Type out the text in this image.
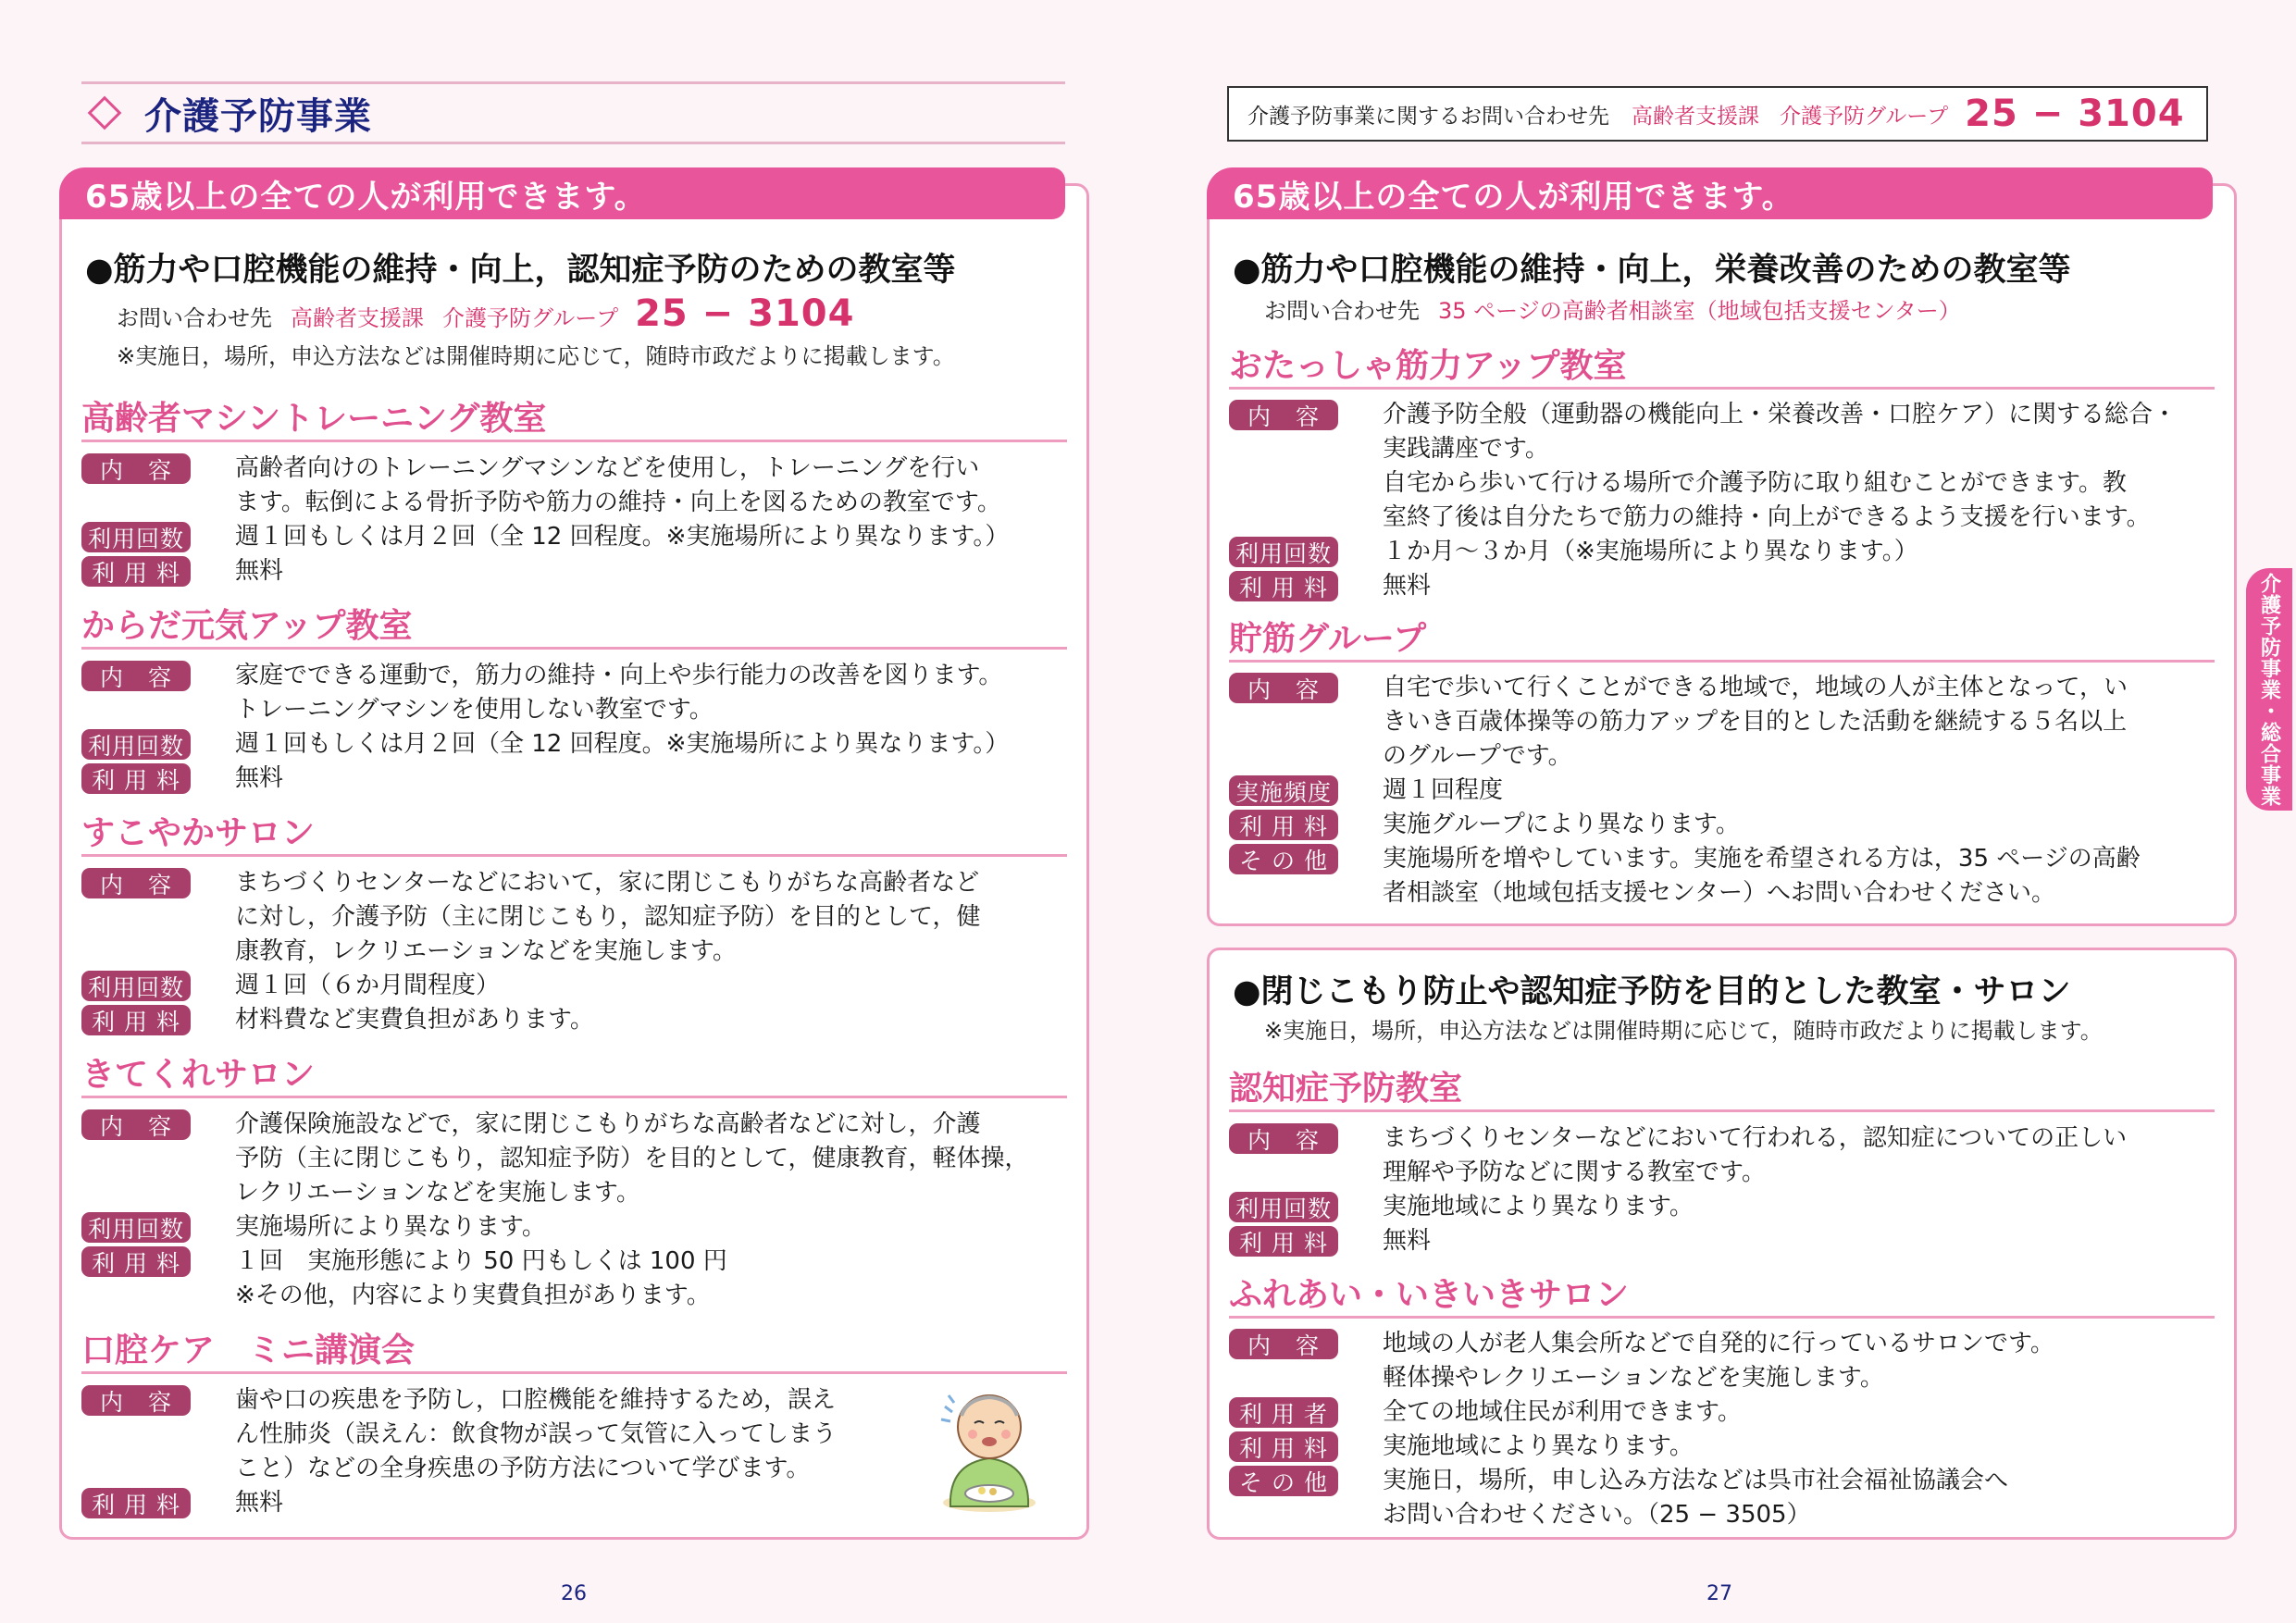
介護予防事業
65歳以上の全ての人が利用できます。
●筋力や口腔機能の維持・向上，認知症予防のための教室等
お問い合わせ先 高齢者支援課 介護予防グループ 25 − 3104
※実施日，場所，申込方法などは開催時期に応じて，随時市政だよりに掲載します。
高齢者マシントレーニング教室
内　容	高齢者向けのトレーニングマシンなどを使用し，トレーニングを行い
ます。転倒による骨折予防や筋力の維持・向上を図るための教室です。
利用回数 週１回もしくは月２回（全 12 回程度。※実施場所により異なります。）
利 用 料	無料
からだ元気アップ教室
内　容	家庭でできる運動で，筋力の維持・向上や歩行能力の改善を図ります。
トレーニングマシンを使用しない教室です。
利用回数 週１回もしくは月２回（全 12 回程度。※実施場所により異なります。）
利 用 料	無料
すこやかサロン
内　容	まちづくりセンターなどにおいて，家に閉じこもりがちな高齢者など
に対し，介護予防（主に閉じこもり，認知症予防）を目的として，健
康教育，レクリエーションなどを実施します。
利用回数 週１回（６か月間程度）
利 用 料	材料費など実費負担があります。
きてくれサロン
内　容	介護保険施設などで，家に閉じこもりがちな高齢者などに対し，介護
予防（主に閉じこもり，認知症予防）を目的として，健康教育，軽体操，
レクリエーションなどを実施します。
利用回数 実施場所により異なります。
利 用 料	１回　実施形態により 50 円もしくは 100 円
※その他，内容により実費負担があります。
口腔ケア　ミニ講演会
内　容	歯や口の疾患を予防し，口腔機能を維持するため，誤え
ん性肺炎（誤えん：飲食物が誤って気管に入ってしまう
こと）などの全身疾患の予防方法について学びます。
利 用 料	無料
26
介護予防事業に関するお問い合わせ先 高齢者支援課 介護予防グループ 25 − 3104
65歳以上の全ての人が利用できます。
●筋力や口腔機能の維持・向上，栄養改善のための教室等
お問い合わせ先 35 ページの高齢者相談室（地域包括支援センター）
おたっしゃ筋力アップ教室
内　容	介護予防全般（運動器の機能向上・栄養改善・口腔ケア）に関する総合・
実践講座です。
自宅から歩いて行ける場所で介護予防に取り組むことができます。教
室終了後は自分たちで筋力の維持・向上ができるよう支援を行います。
利用回数 １か月〜３か月（※実施場所により異なります。）
利 用 料	無料
貯筋グループ
内　容	自宅で歩いて行くことができる地域で，地域の人が主体となって，い
きいき百歳体操等の筋力アップを目的とした活動を継続する５名以上
のグループです。
実施頻度 週１回程度
利 用 料	実施グループにより異なります。
そ の 他	実施場所を増やしています。実施を希望される方は，35 ページの高齢
者相談室（地域包括支援センター）へお問い合わせください。
●閉じこもり防止や認知症予防を目的とした教室・サロン
※実施日，場所，申込方法などは開催時期に応じて，随時市政だよりに掲載します。
認知症予防教室
内　容	まちづくりセンターなどにおいて行われる，認知症についての正しい
理解や予防などに関する教室です。
利用回数 実施地域により異なります。
利 用 料	無料
ふれあい・いきいきサロン
内　容	地域の人が老人集会所などで自発的に行っているサロンです。
軽体操やレクリエーションなどを実施します。
利 用 者	全ての地域住民が利用できます。
利 用 料	実施地域により異なります。
そ の 他	実施日，場所，申し込み方法などは呉市社会福祉協議会へ
お問い合わせください。（25 − 3505）
介護予防事業・総合事業
27
